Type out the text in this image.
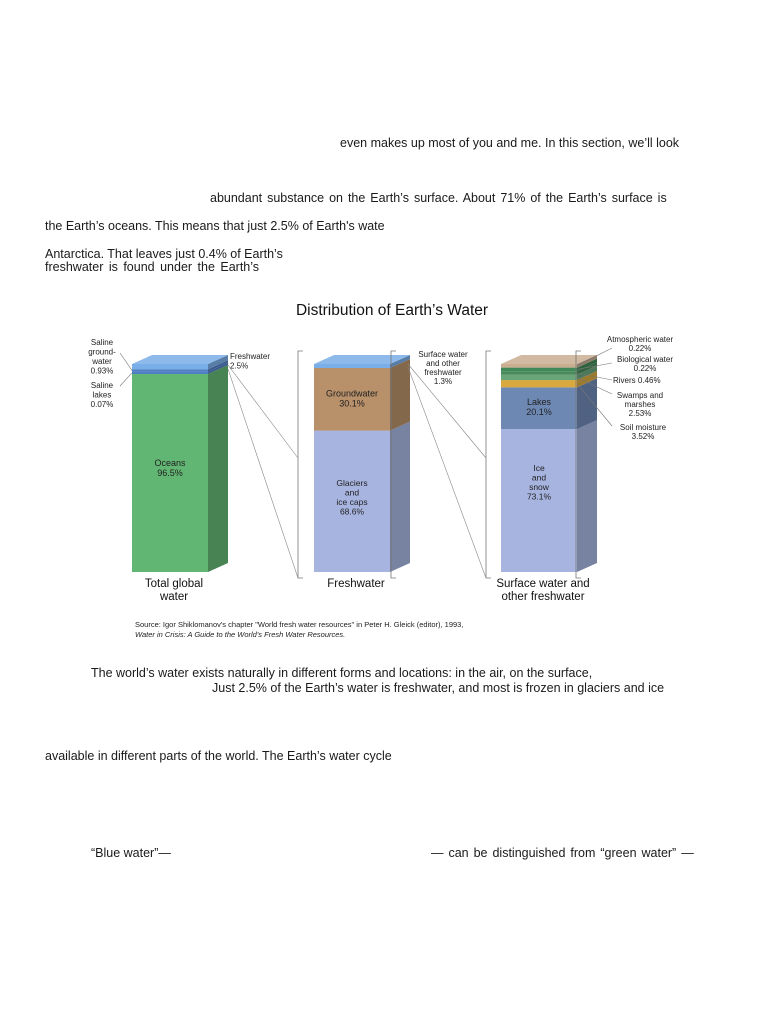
even makes up most of you and me. In this section, we’ll look

abundant substance on the Earth’s surface. About 71% of the Earth’s surface is

the Earth’s oceans. This means that just 2.5% of Earth's wate

Antarctica. That leaves just 0.4% of Earth’s

freshwater is found under the Earth’s

Distribution of Earth’s Water
Total global
water
Freshwater	Surface water and
other freshwater
Oceans
96.5%
Saline
ground-
water
0.93%
Saline
lakes
0.07%
Freshwater
2.5%
Groundwater
30.1%
Glaciers
and
ice caps
68.6%
Surface water
and other
freshwater
1.3%
Lakes
20.1%
Ice
and
snow
73.1%
Atmospheric water
0.22%
Biological water
0.22%
Rivers 0.46%
Swamps and
marshes
2.53%
Soil moisture
3.52%
Source: Igor Shiklomanov's chapter "World fresh water resources" in Peter H. Gleick (editor), 1993,
Water in Crisis: A Guide to the World's Fresh Water Resources.

The world’s water exists naturally in different forms and locations: in the air, on the surface,

Just 2.5% of the Earth’s water is freshwater, and most is frozen in glaciers and ice

available in different parts of the world. The Earth’s water cycle

“Blue water”—	— can be distinguished from “green water” —
